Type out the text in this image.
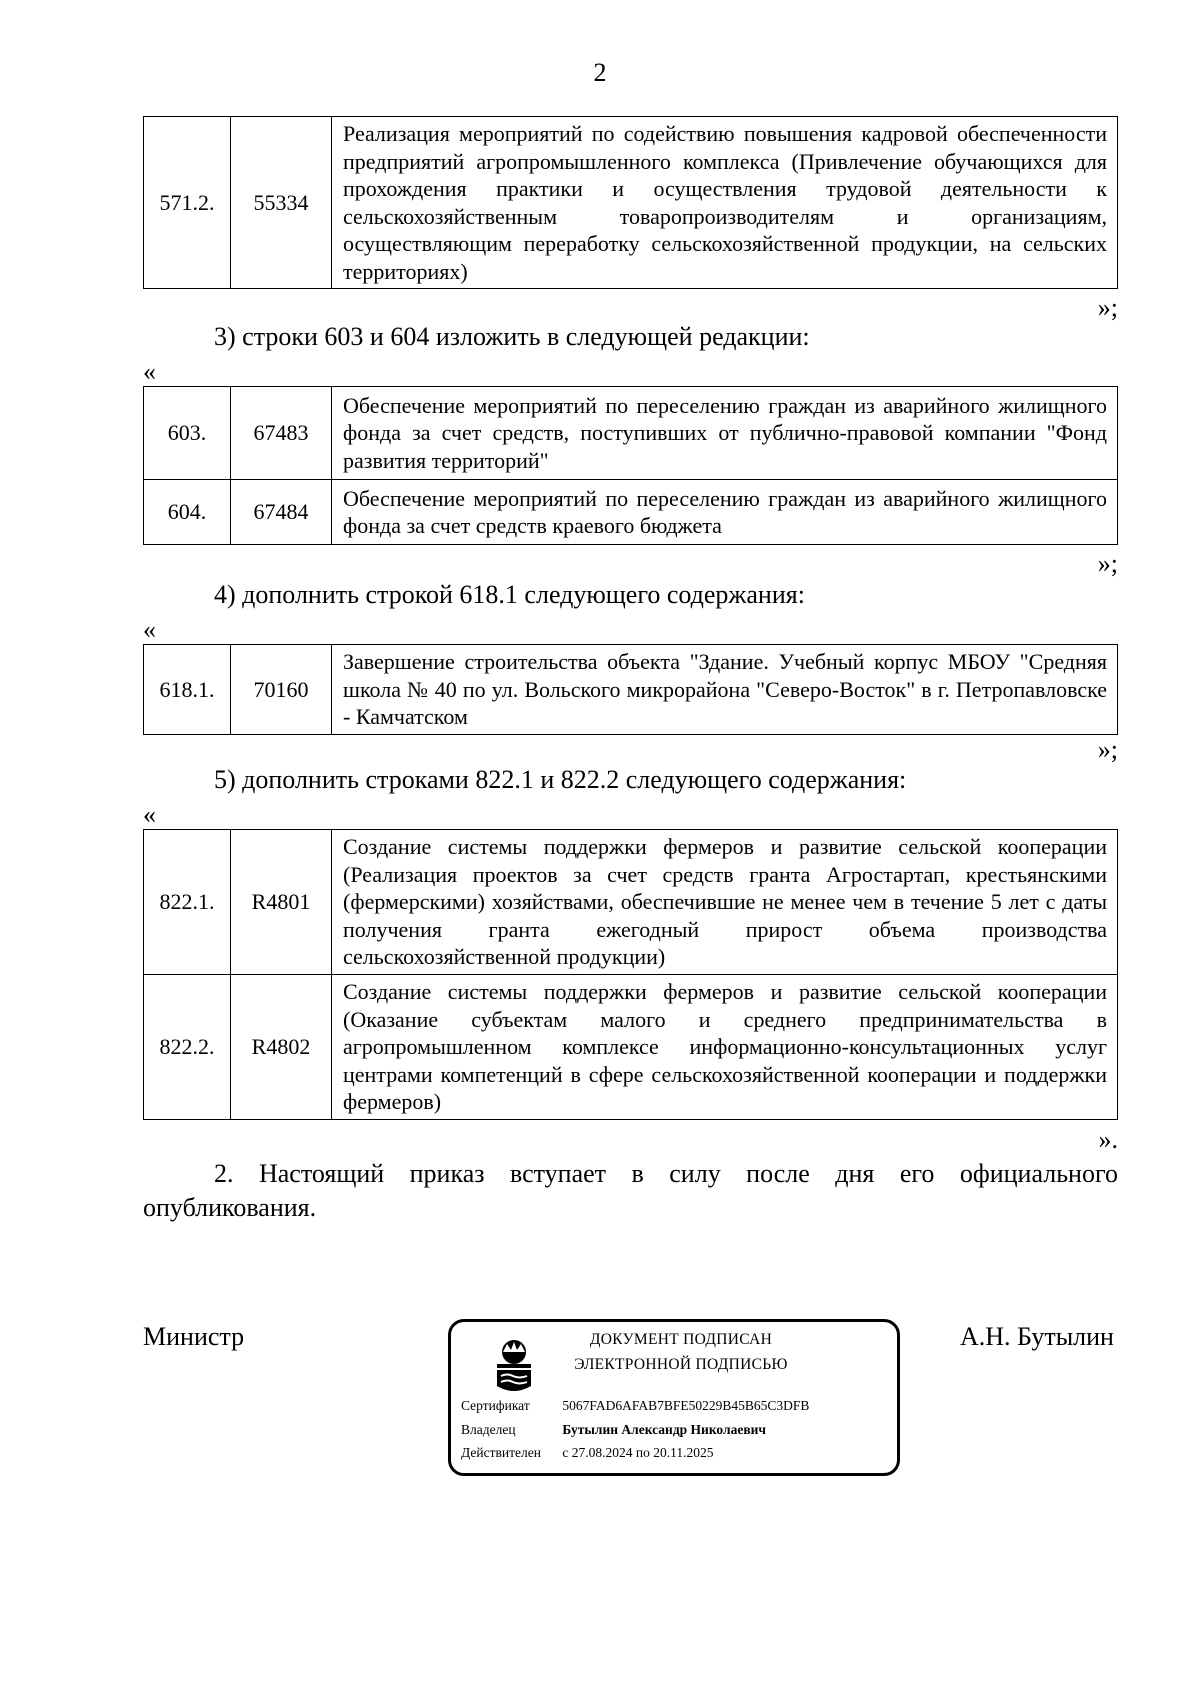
2
571.2.	55334	Реализация мероприятий по содействию повышения кадровой обеспеченности предприятий агропромышленного комплекса (Привлечение обучающихся для прохождения практики и осуществления трудовой деятельности к сельскохозяйственным товаропроизводителям и организациям, осуществляющим переработку сельскохозяйственной продукции, на сельских территориях)
»;
3) строки 603 и 604 изложить в следующей редакции:
«
603.	67483	Обеспечение мероприятий по переселению граждан из аварийного жилищного фонда за счет средств, поступивших от публично-правовой компании "Фонд развития территорий"
604.	67484	Обеспечение мероприятий по переселению граждан из аварийного жилищного фонда за счет средств краевого бюджета
»;
4) дополнить строкой 618.1 следующего содержания:
«
618.1.	70160	Завершение строительства объекта "Здание. Учебный корпус МБОУ "Средняя школа № 40 по ул. Вольского микрорайона "Северо-Восток" в г. Петропавловске - Камчатском
»;
5) дополнить строками 822.1 и 822.2 следующего содержания:
«
822.1.	R4801	Создание системы поддержки фермеров и развитие сельской кооперации (Реализация проектов за счет средств гранта Агростартап, крестьянскими (фермерскими) хозяйствами, обеспечившие не менее чем в течение 5 лет с даты получения гранта ежегодный прирост объема производства сельскохозяйственной продукции)
822.2.	R4802	Создание системы поддержки фермеров и развитие сельской кооперации (Оказание субъектам малого и среднего предпринимательства в агропромышленном комплексе информационно-консультационных услуг центрами компетенций в сфере сельскохозяйственной кооперации и поддержки фермеров)
».
2. Настоящий приказ вступает в силу после дня его официального опубликования.
Министр	А.Н. Бутылин
ДОКУМЕНТ ПОДПИСАН
ЭЛЕКТРОННОЙ ПОДПИСЬЮ
Сертификат 5067FAD6AFAB7BFE50229B45B65C3DFB
Владелец	Бутылин Александр Николаевич
Действителен с 27.08.2024 по 20.11.2025
